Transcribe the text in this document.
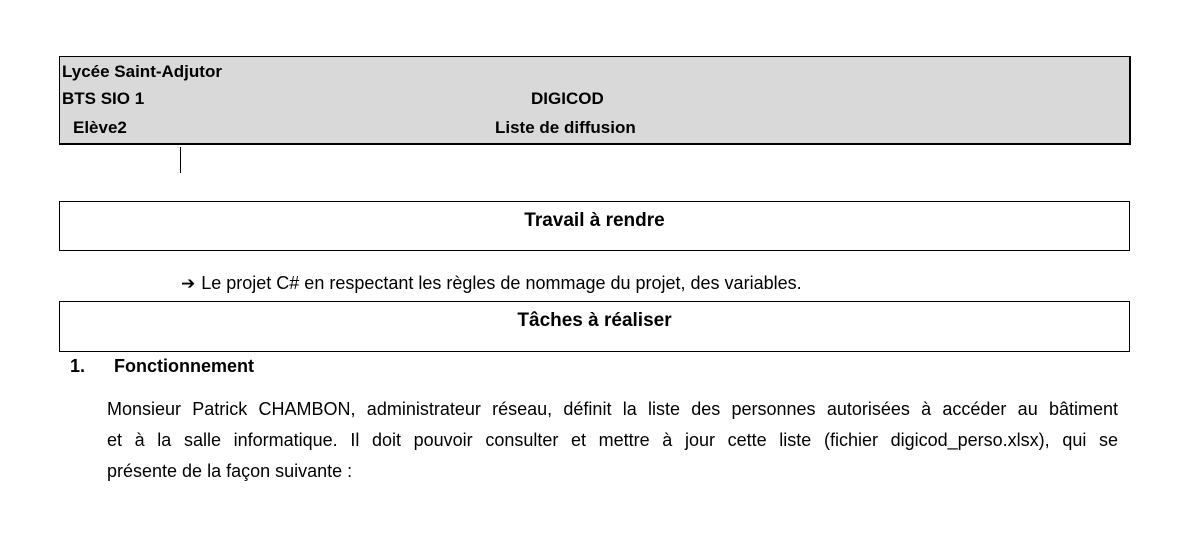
Lycée Saint-Adjutor
BTS SIO 1
Elève2
DIGICOD
Liste de diffusion
Travail à rendre
➔ Le projet C# en respectant les règles de nommage du projet, des variables.
Tâches à réaliser
1. Fonctionnement
Monsieur Patrick CHAMBON, administrateur réseau, définit la liste des personnes autorisées à accéder au bâtiment
et à la salle informatique. Il doit pouvoir consulter et mettre à jour cette liste (fichier digicod_perso.xlsx), qui se
présente de la façon suivante :
